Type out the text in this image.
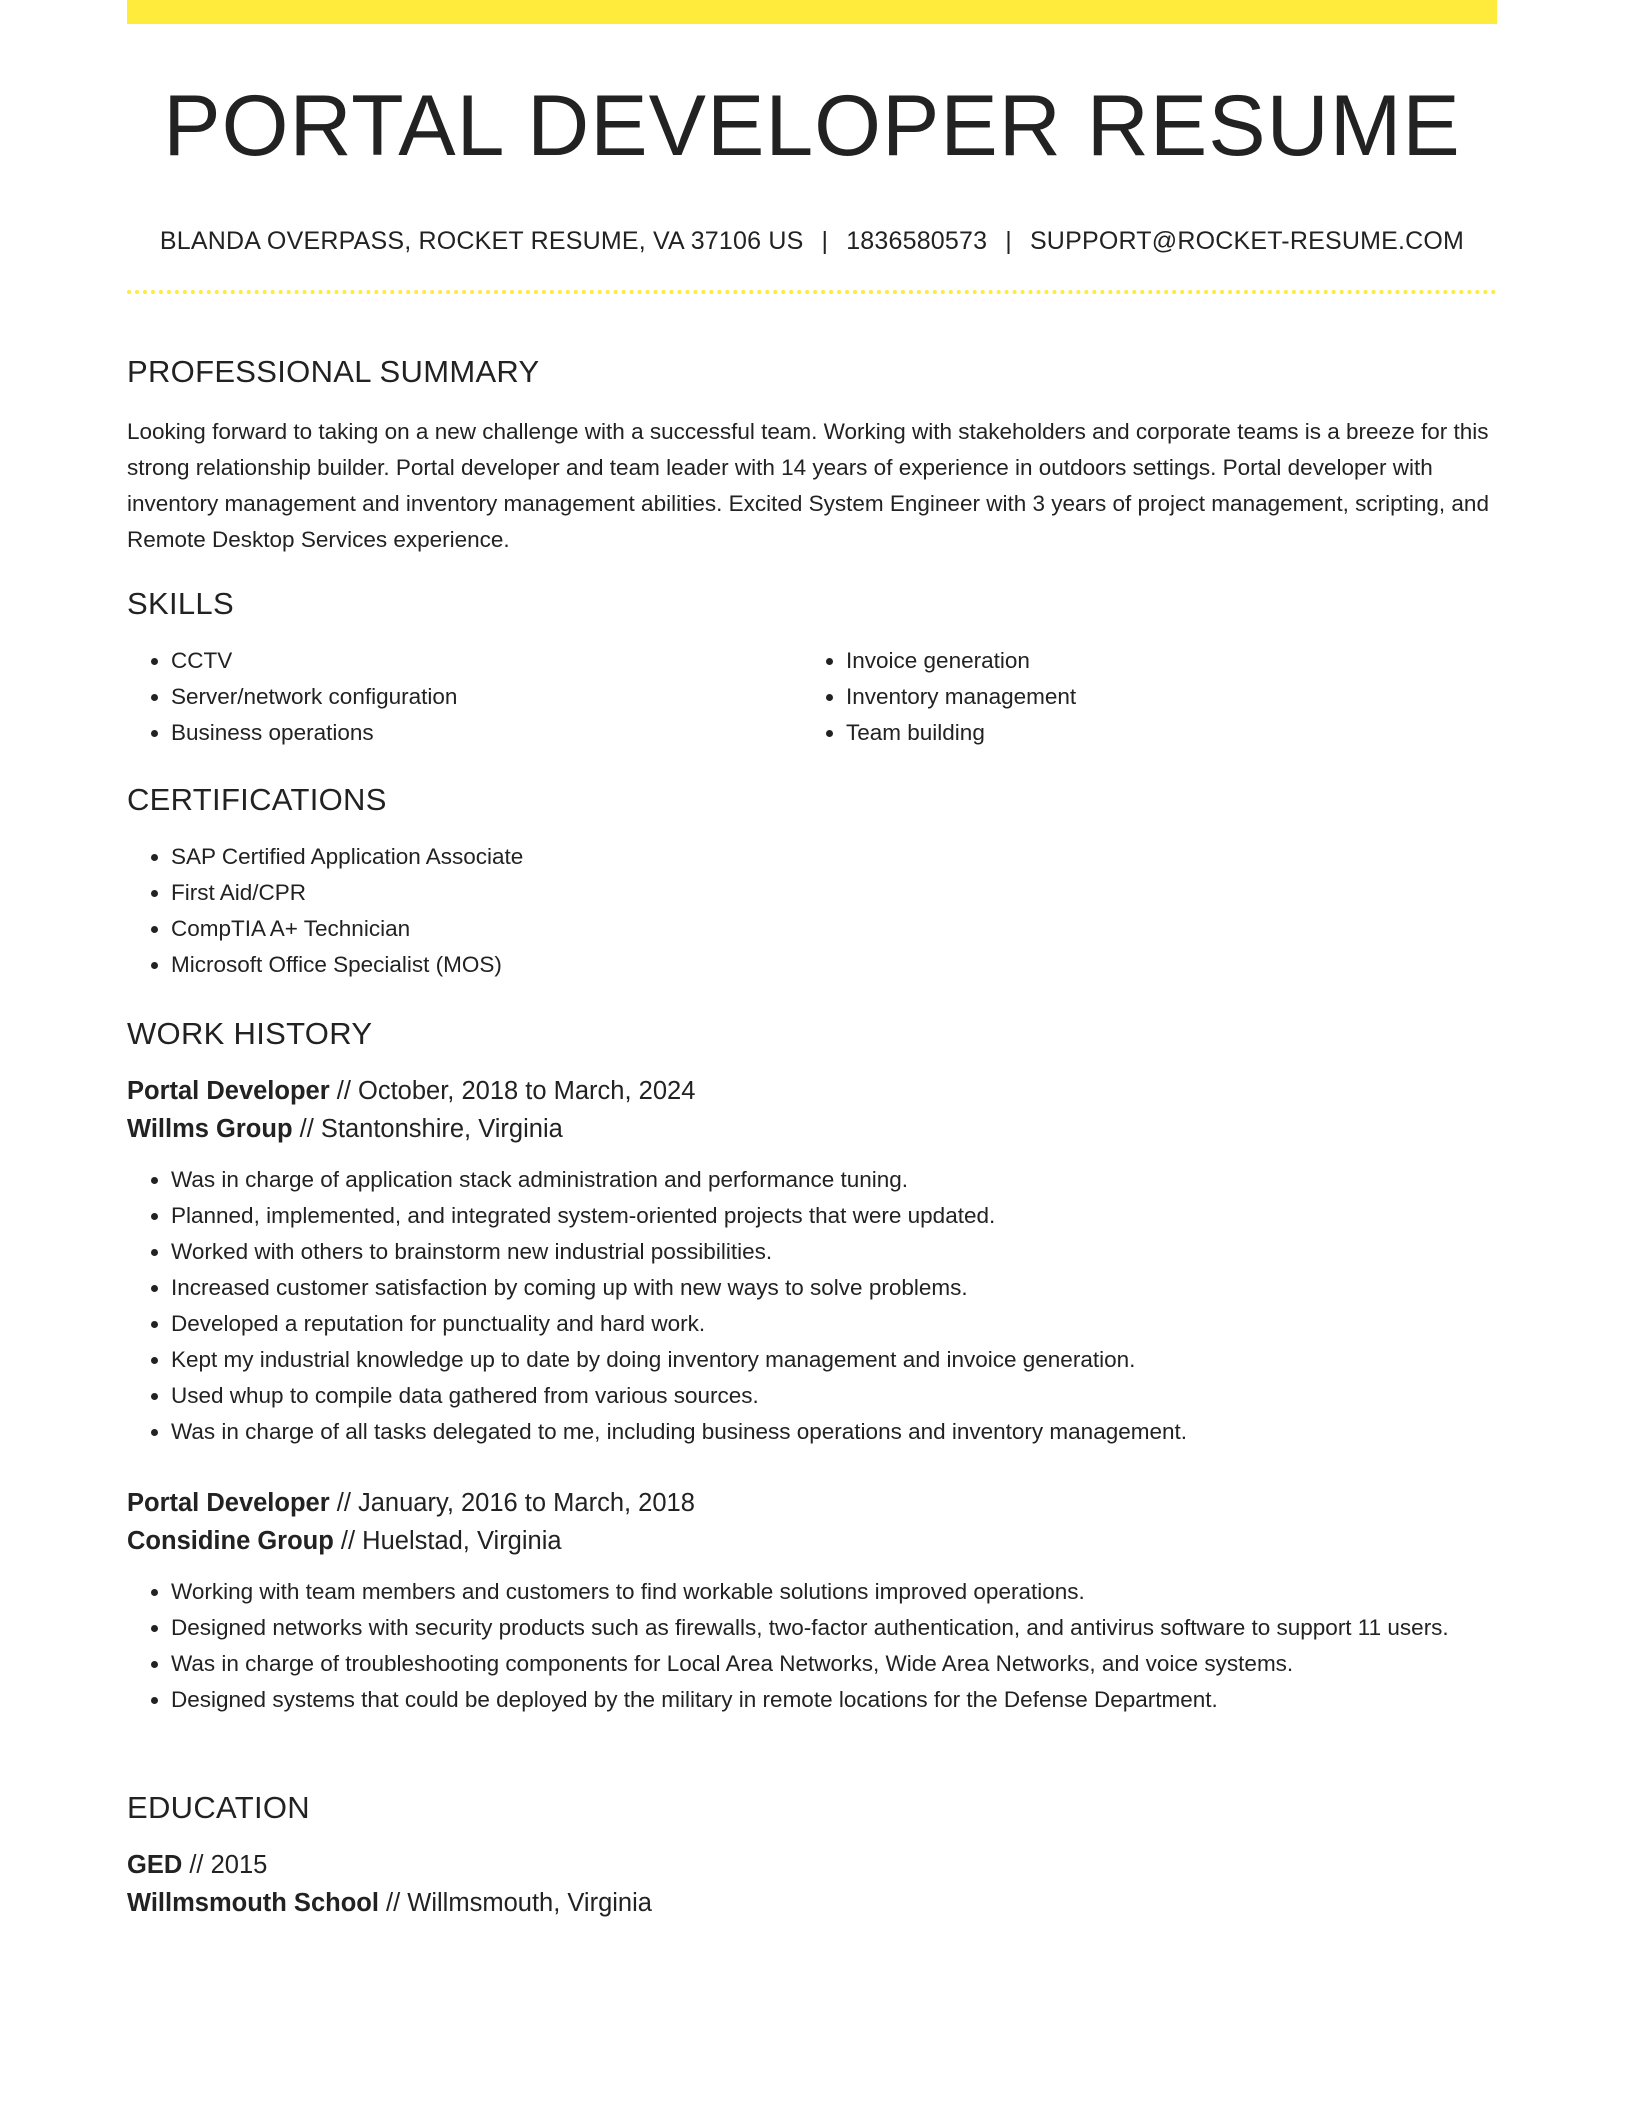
PORTAL DEVELOPER RESUME
BLANDA OVERPASS, ROCKET RESUME, VA 37106 US | 1836580573 | SUPPORT@ROCKET-RESUME.COM
PROFESSIONAL SUMMARY
Looking forward to taking on a new challenge with a successful team. Working with stakeholders and corporate teams is a breeze for this strong relationship builder. Portal developer and team leader with 14 years of experience in outdoors settings. Portal developer with inventory management and inventory management abilities. Excited System Engineer with 3 years of project management, scripting, and Remote Desktop Services experience.
SKILLS
• CCTV
• Server/network configuration
• Business operations
• Invoice generation
• Inventory management
• Team building
CERTIFICATIONS
• SAP Certified Application Associate
• First Aid/CPR
• CompTIA A+ Technician
• Microsoft Office Specialist (MOS)
WORK HISTORY
Portal Developer // October, 2018 to March, 2024
Willms Group // Stantonshire, Virginia
• Was in charge of application stack administration and performance tuning.
• Planned, implemented, and integrated system-oriented projects that were updated.
• Worked with others to brainstorm new industrial possibilities.
• Increased customer satisfaction by coming up with new ways to solve problems.
• Developed a reputation for punctuality and hard work.
• Kept my industrial knowledge up to date by doing inventory management and invoice generation.
• Used whup to compile data gathered from various sources.
• Was in charge of all tasks delegated to me, including business operations and inventory management.
Portal Developer // January, 2016 to March, 2018
Considine Group // Huelstad, Virginia
• Working with team members and customers to find workable solutions improved operations.
• Designed networks with security products such as firewalls, two-factor authentication, and antivirus software to support 11 users.
• Was in charge of troubleshooting components for Local Area Networks, Wide Area Networks, and voice systems.
• Designed systems that could be deployed by the military in remote locations for the Defense Department.
EDUCATION
GED // 2015
Willmsmouth School // Willmsmouth, Virginia
